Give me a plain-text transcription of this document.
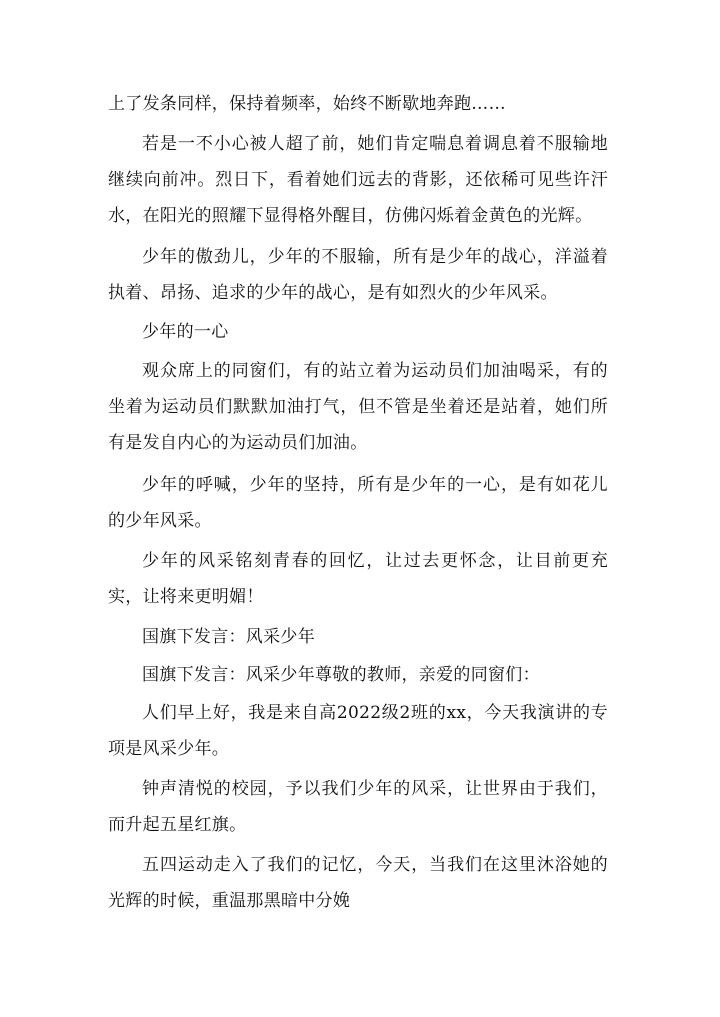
上了发条同样，保持着频率，始终不断歇地奔跑……
若是一不小心被人超了前，她们肯定喘息着调息着不服输地继续向前冲。烈日下，看着她们远去的背影，还依稀可见些许汗水，在阳光的照耀下显得格外醒目，仿佛闪烁着金黄色的光辉。
少年的傲劲儿，少年的不服输，所有是少年的战心，洋溢着执着、昂扬、追求的少年的战心，是有如烈火的少年风采。
少年的一心
观众席上的同窗们，有的站立着为运动员们加油喝采，有的坐着为运动员们默默加油打气，但不管是坐着还是站着，她们所有是发自内心的为运动员们加油。
少年的呼喊，少年的坚持，所有是少年的一心，是有如花儿的少年风采。
少年的风采铭刻青春的回忆，让过去更怀念，让目前更充实，让将来更明媚！
国旗下发言：风采少年
国旗下发言：风采少年尊敬的教师，亲爱的同窗们：
人们早上好，我是来自高2022级2班的xx，今天我演讲的专项是风采少年。
钟声清悦的校园，予以我们少年的风采，让世界由于我们，而升起五星红旗。
五四运动走入了我们的记忆，今天，当我们在这里沐浴她的光辉的时候，重温那黑暗中分娩
